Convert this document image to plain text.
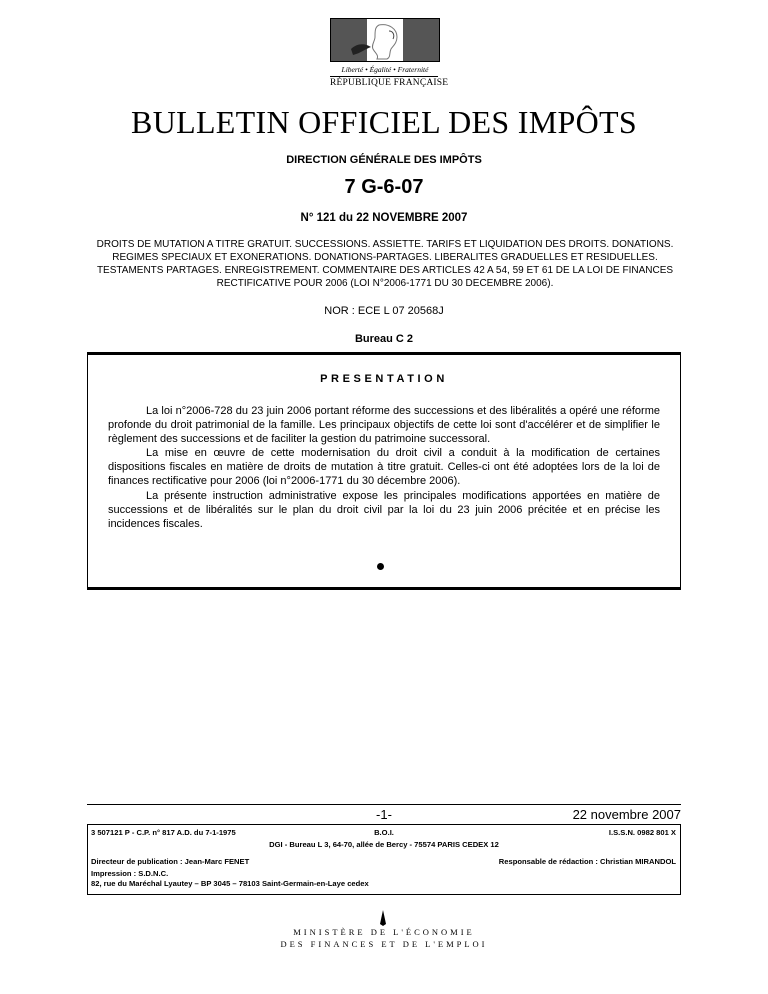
Liberté • Égalité • Fraternité
RÉPUBLIQUE FRANÇAISE
BULLETIN OFFICIEL DES IMPÔTS
DIRECTION GÉNÉRALE DES IMPÔTS
7 G-6-07
N° 121 du 22 NOVEMBRE 2007
DROITS DE MUTATION A TITRE GRATUIT. SUCCESSIONS. ASSIETTE. TARIFS ET LIQUIDATION DES DROITS. DONATIONS. REGIMES SPECIAUX ET EXONERATIONS. DONATIONS-PARTAGES. LIBERALITES GRADUELLES ET RESIDUELLES. TESTAMENTS PARTAGES. ENREGISTREMENT. COMMENTAIRE DES ARTICLES 42 A 54, 59 ET 61 DE LA LOI DE FINANCES RECTIFICATIVE POUR 2006 (LOI N°2006-1771 DU 30 DECEMBRE 2006).
NOR : ECE L 07 20568J
Bureau C 2
PRESENTATION
La loi n°2006-728 du 23 juin 2006 portant réforme des successions et des libéralités a opéré une réforme profonde du droit patrimonial de la famille. Les principaux objectifs de cette loi sont d'accélérer et de simplifier le règlement des successions et de faciliter la gestion du patrimoine successoral.
La mise en œuvre de cette modernisation du droit civil a conduit à la modification de certaines dispositions fiscales en matière de droits de mutation à titre gratuit. Celles-ci ont été adoptées lors de la loi de finances rectificative pour 2006 (loi n°2006-1771 du 30 décembre 2006).
La présente instruction administrative expose les principales modifications apportées en matière de successions et de libéralités sur le plan du droit civil par la loi du 23 juin 2006 précitée et en précise les incidences fiscales.
-1-	22 novembre 2007
3 507121 P - C.P. n° 817 A.D. du 7-1-1975	B.O.I.	I.S.S.N. 0982 801 X
DGI - Bureau L 3, 64-70, allée de Bercy - 75574 PARIS CEDEX 12
Directeur de publication : Jean-Marc FENET	Responsable de rédaction : Christian MIRANDOL
Impression : S.D.N.C.
82, rue du Maréchal Lyautey – BP 3045 – 78103 Saint-Germain-en-Laye cedex
MINISTÈRE DE L'ÉCONOMIE
DES FINANCES ET DE L'EMPLOI
